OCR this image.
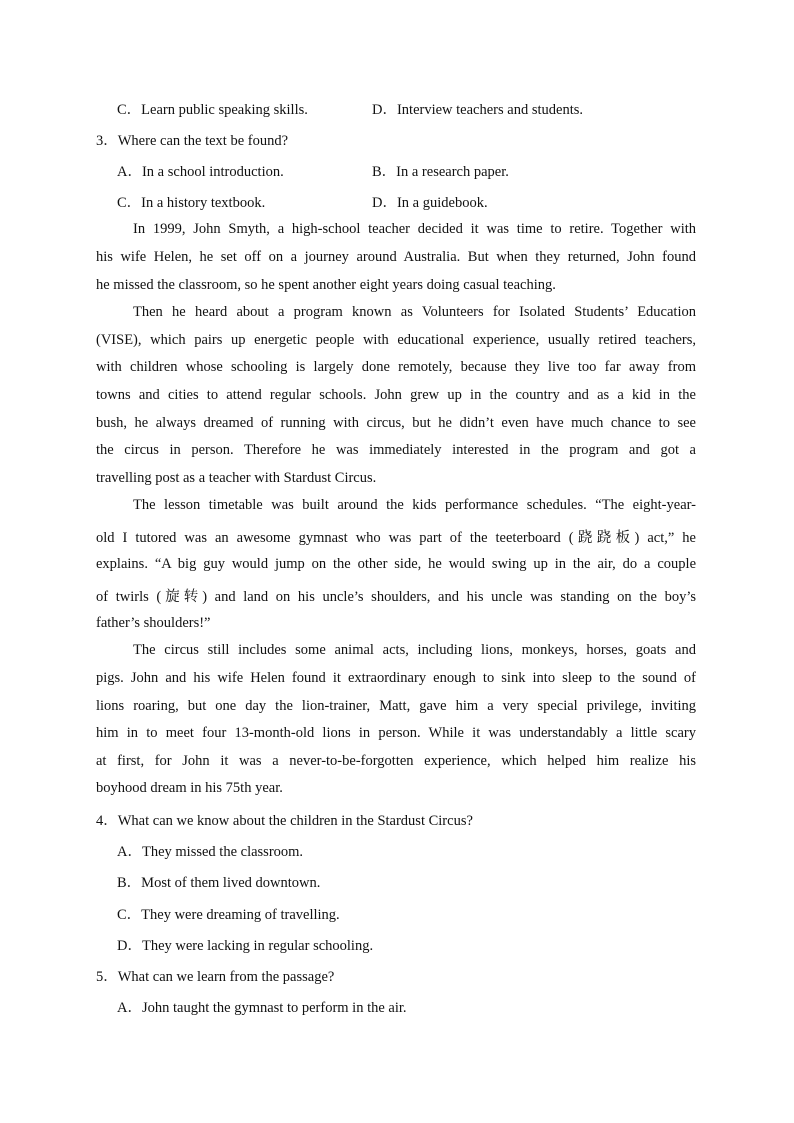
C．Learn public speaking skills.	D．Interview teachers and students.
3．Where can the text be found?
A．In a school introduction.	B．In a research paper.
C．In a history textbook.	D．In a guidebook.
In 1999, John Smyth, a high-school teacher decided it was time to retire. Together with
his wife Helen, he set off on a journey around Australia. But when they returned, John found
he missed the classroom, so he spent another eight years doing casual teaching.
Then he heard about a program known as Volunteers for Isolated Students’ Education
(VISE), which pairs up energetic people with educational experience, usually retired teachers,
with children whose schooling is largely done remotely, because they live too far away from
towns and cities to attend regular schools. John grew up in the country and as a kid in the
bush, he always dreamed of running with circus, but he didn’t even have much chance to see
the circus in person. Therefore he was immediately interested in the program and got a
travelling post as a teacher with Stardust Circus.
The lesson timetable was built around the kids performance schedules. “The eight-year-
old I tutored was an awesome gymnast who was part of the teeterboard (跷跷板) act,” he
explains. “A big guy would jump on the other side, he would swing up in the air, do a couple
of twirls (旋转) and land on his uncle’s shoulders, and his uncle was standing on the boy’s
father’s shoulders!”
The circus still includes some animal acts, including lions, monkeys, horses, goats and
pigs. John and his wife Helen found it extraordinary enough to sink into sleep to the sound of
lions roaring, but one day the lion-trainer, Matt, gave him a very special privilege, inviting
him in to meet four 13-month-old lions in person. While it was understandably a little scary
at first, for John it was a never-to-be-forgotten experience, which helped him realize his
boyhood dream in his 75th year.
4．What can we know about the children in the Stardust Circus?
A．They missed the classroom.
B．Most of them lived downtown.
C．They were dreaming of travelling.
D．They were lacking in regular schooling.
5．What can we learn from the passage?
A．John taught the gymnast to perform in the air.
